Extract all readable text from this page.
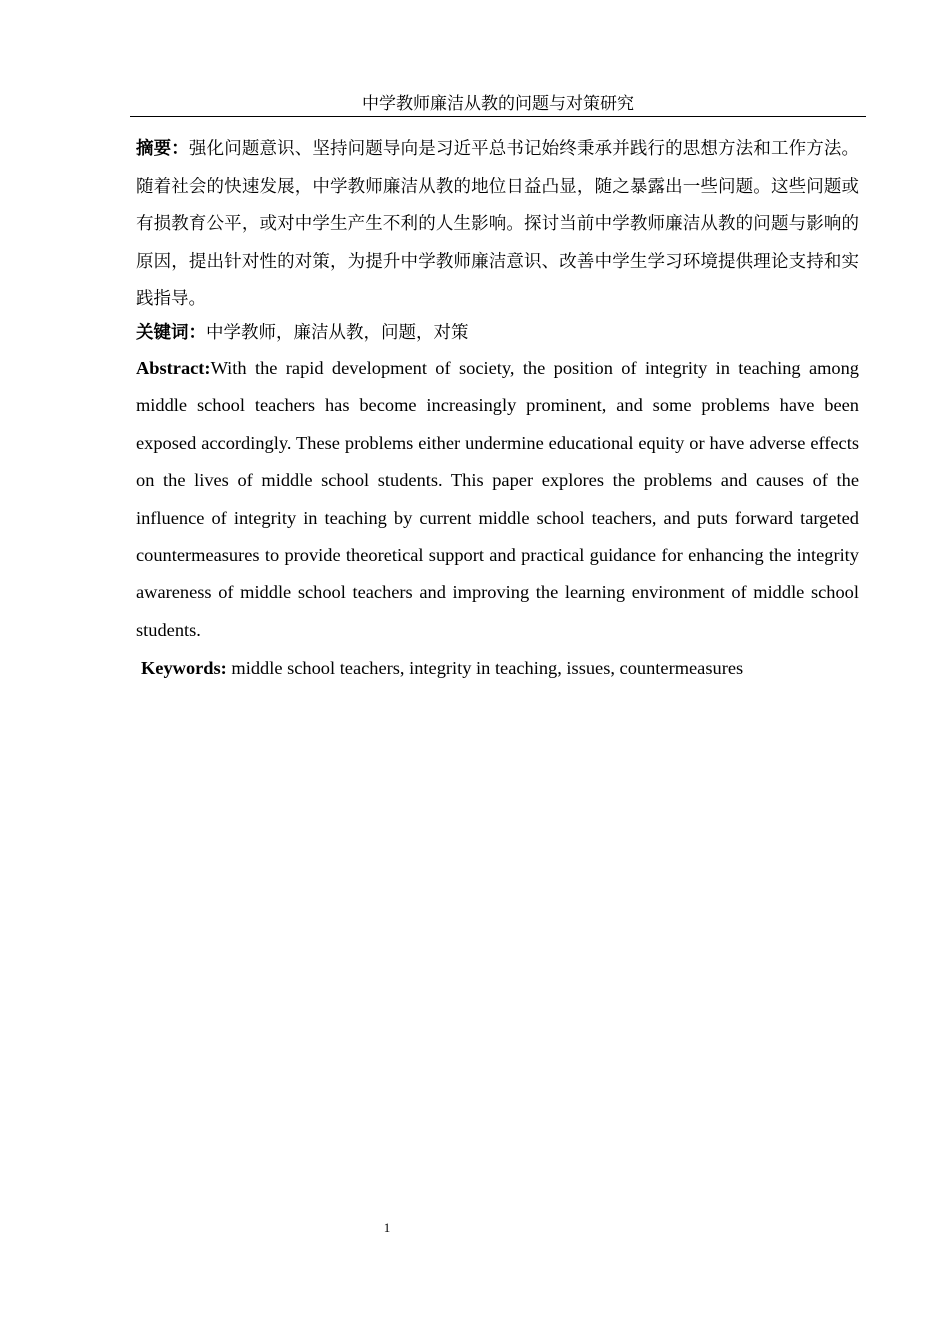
中学教师廉洁从教的问题与对策研究

摘要：强化问题意识、坚持问题导向是习近平总书记始终秉承并践行的思想方法和工作方法。随着社会的快速发展，中学教师廉洁从教的地位日益凸显，随之暴露出一些问题。这些问题或有损教育公平，或对中学生产生不利的人生影响。探讨当前中学教师廉洁从教的问题与影响的原因，提出针对性的对策，为提升中学教师廉洁意识、改善中学生学习环境提供理论支持和实践指导。

关键词：中学教师，廉洁从教，问题，对策

Abstract:With the rapid development of society, the position of integrity in teaching among middle school teachers has become increasingly prominent, and some problems have been exposed accordingly. These problems either undermine educational equity or have adverse effects on the lives of middle school students. This paper explores the problems and causes of the influence of integrity in teaching by current middle school teachers, and puts forward targeted countermeasures to provide theoretical support and practical guidance for enhancing the integrity awareness of middle school teachers and improving the learning environment of middle school students.

Keywords: middle school teachers, integrity in teaching, issues, countermeasures

1
